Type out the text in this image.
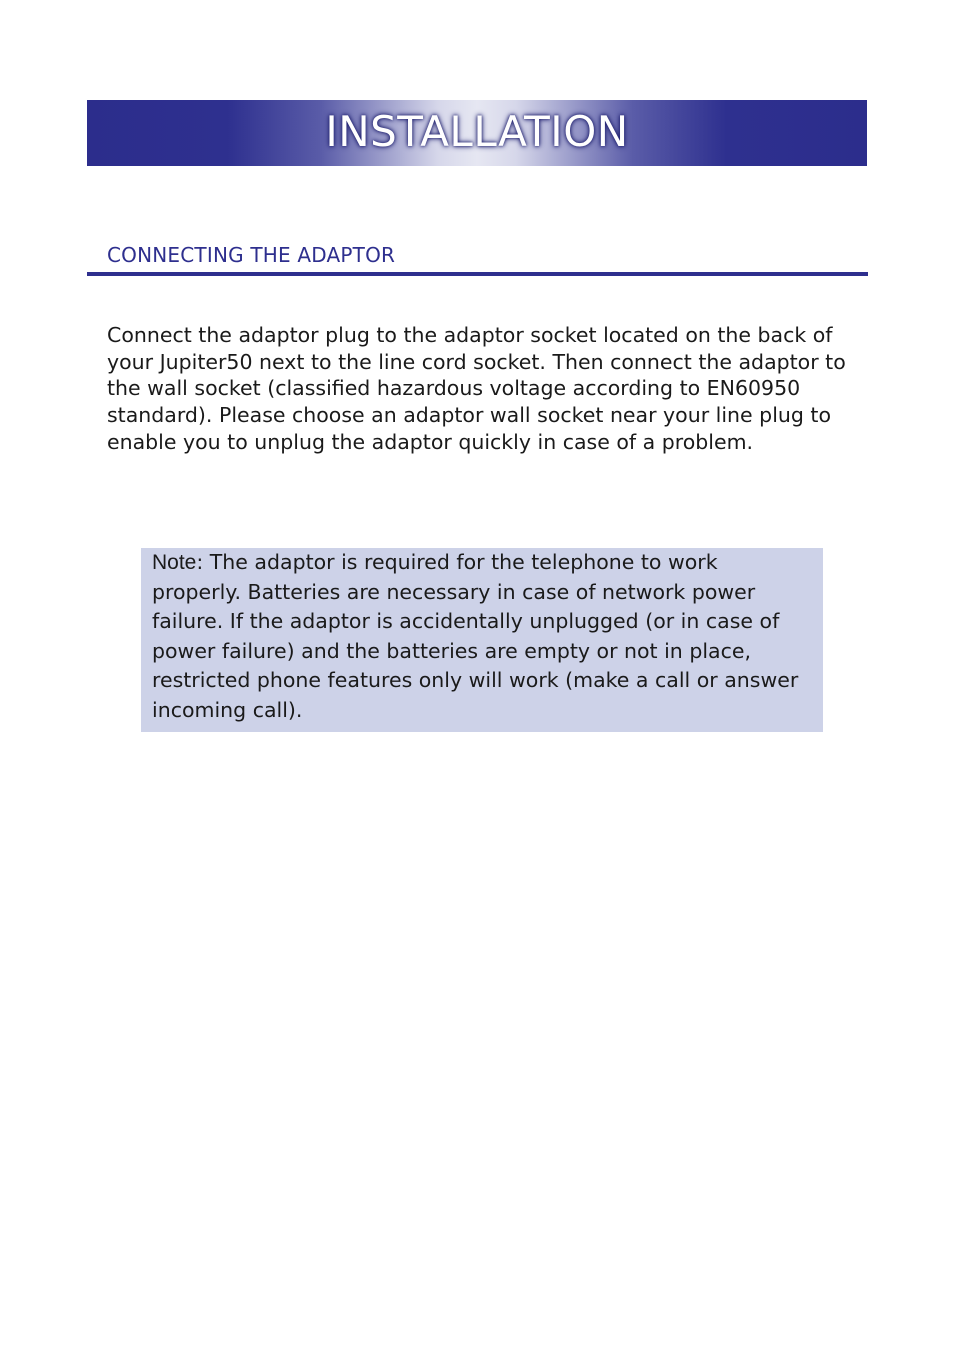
INSTALLATION
CONNECTING THE ADAPTOR
Connect the adaptor plug to the adaptor socket located on the back of your Jupiter50 next to the line cord socket. Then connect the adaptor to the wall socket (classified hazardous voltage according to EN60950 standard). Please choose an adaptor wall socket near your line plug to enable you to unplug the adaptor quickly in case of a problem.
Note: The adaptor is required for the telephone to work properly. Batteries are necessary in case of network power failure. If the adaptor is accidentally unplugged (or in case of power failure) and the batteries are empty or not in place, restricted phone features only will work (make a call or answer incoming call).
